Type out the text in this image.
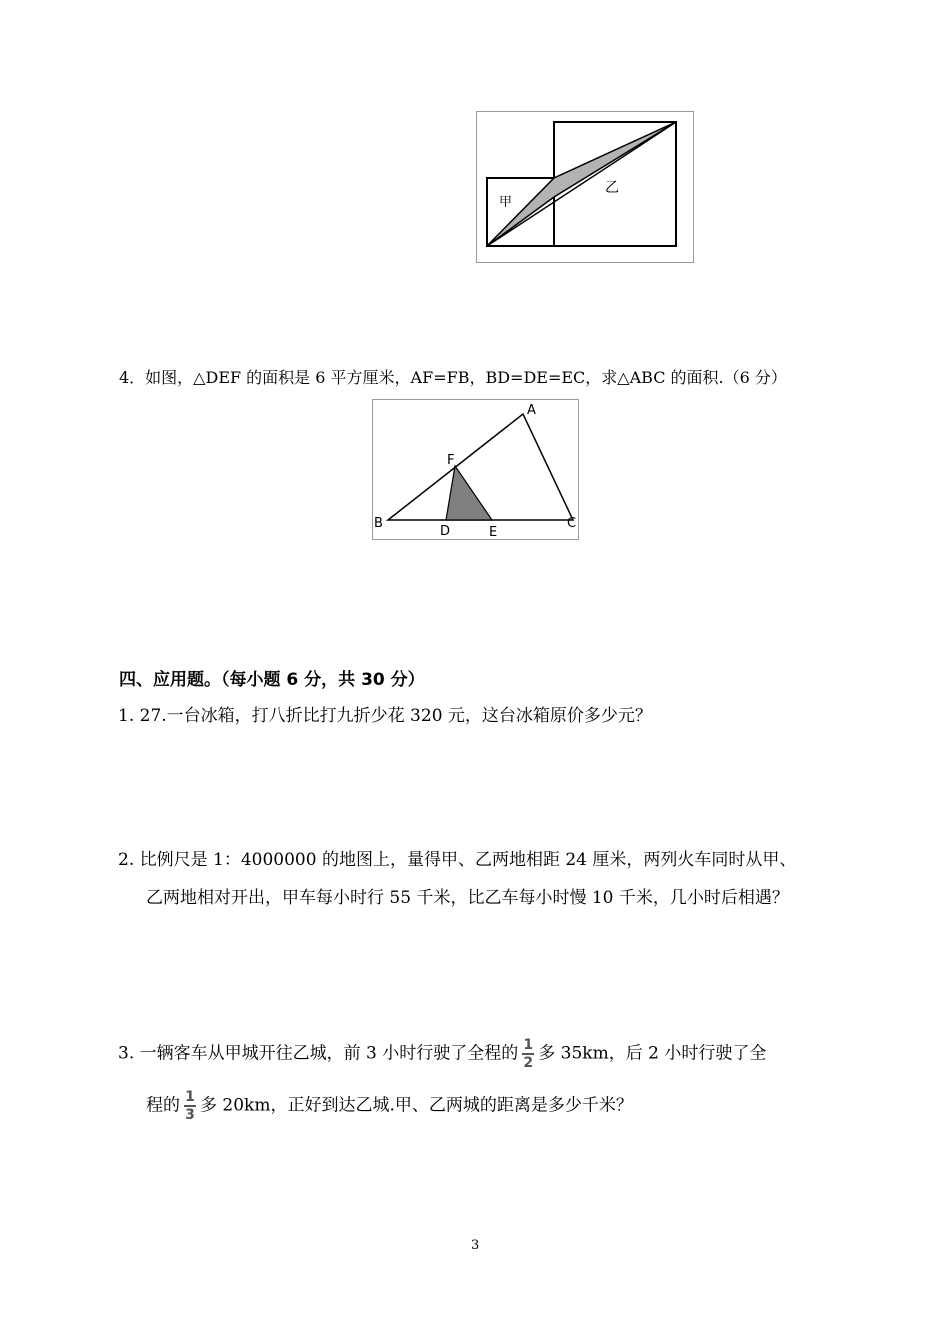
甲
乙
4．如图，△DEF 的面积是 6 平方厘米，AF=FB，BD=DE=EC，求△ABC 的面积.（6 分）
A
B	C
D	E
F
四、应用题。（每小题 6 分，共 30 分）
1. 27.一台冰箱，打八折比打九折少花 320 元，这台冰箱原价多少元？
2. 比例尺是 1：4000000 的地图上，量得甲、乙两地相距 24 厘米，两列火车同时从甲、
乙两地相对开出，甲车每小时行 55 千米，比乙车每小时慢 10 千米，几小时后相遇？
3. 一辆客车从甲城开往乙城，前 3 小时行驶了全程的 $\frac{1}{2}$ 多 35km，后 2 小时行驶了全
程的 $\frac{1}{3}$ 多 20km，正好到达乙城.甲、乙两城的距离是多少千米？
3
